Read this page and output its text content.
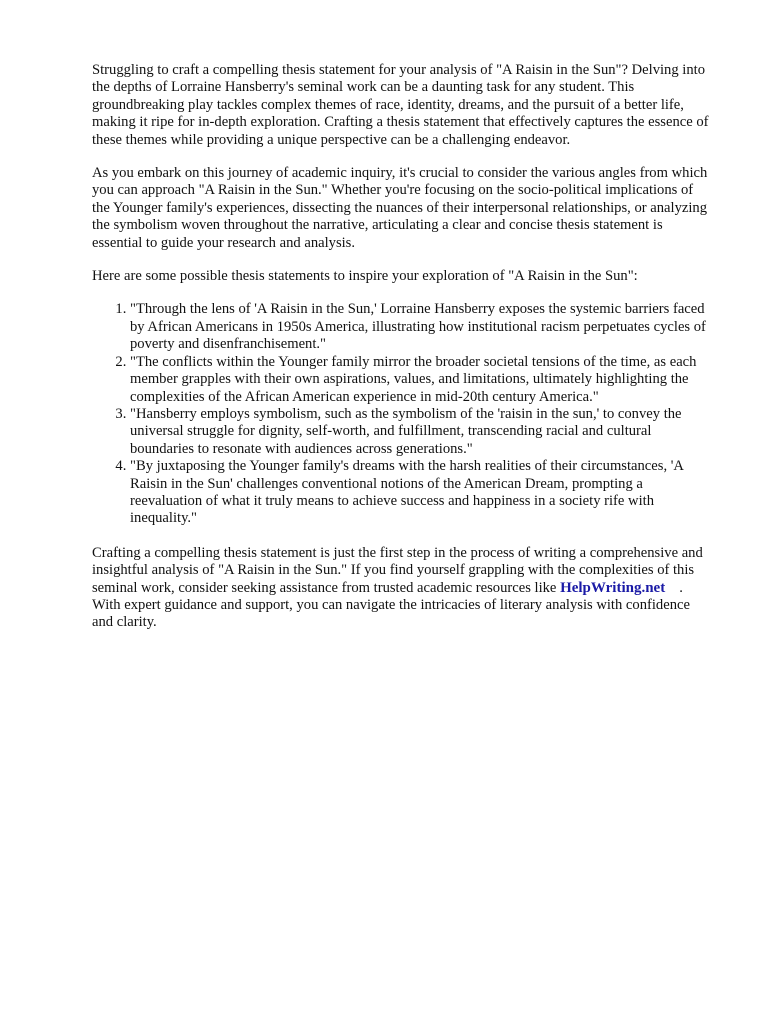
Struggling to craft a compelling thesis statement for your analysis of "A Raisin in the Sun"? Delving into the depths of Lorraine Hansberry's seminal work can be a daunting task for any student. This groundbreaking play tackles complex themes of race, identity, dreams, and the pursuit of a better life, making it ripe for in-depth exploration. Crafting a thesis statement that effectively captures the essence of these themes while providing a unique perspective can be a challenging endeavor.

As you embark on this journey of academic inquiry, it's crucial to consider the various angles from which you can approach "A Raisin in the Sun." Whether you're focusing on the socio-political implications of the Younger family's experiences, dissecting the nuances of their interpersonal relationships, or analyzing the symbolism woven throughout the narrative, articulating a clear and concise thesis statement is essential to guide your research and analysis.

Here are some possible thesis statements to inspire your exploration of "A Raisin in the Sun":

1. "Through the lens of 'A Raisin in the Sun,' Lorraine Hansberry exposes the systemic barriers faced by African Americans in 1950s America, illustrating how institutional racism perpetuates cycles of poverty and disenfranchisement."
2. "The conflicts within the Younger family mirror the broader societal tensions of the time, as each member grapples with their own aspirations, values, and limitations, ultimately highlighting the complexities of the African American experience in mid-20th century America."
3. "Hansberry employs symbolism, such as the symbolism of the 'raisin in the sun,' to convey the universal struggle for dignity, self-worth, and fulfillment, transcending racial and cultural boundaries to resonate with audiences across generations."
4. "By juxtaposing the Younger family's dreams with the harsh realities of their circumstances, 'A Raisin in the Sun' challenges conventional notions of the American Dream, prompting a reevaluation of what it truly means to achieve success and happiness in a society rife with inequality."

Crafting a compelling thesis statement is just the first step in the process of writing a comprehensive and insightful analysis of "A Raisin in the Sun." If you find yourself grappling with the complexities of this seminal work, consider seeking assistance from trusted academic resources like HelpWriting.net . With expert guidance and support, you can navigate the intricacies of literary analysis with confidence and clarity.
